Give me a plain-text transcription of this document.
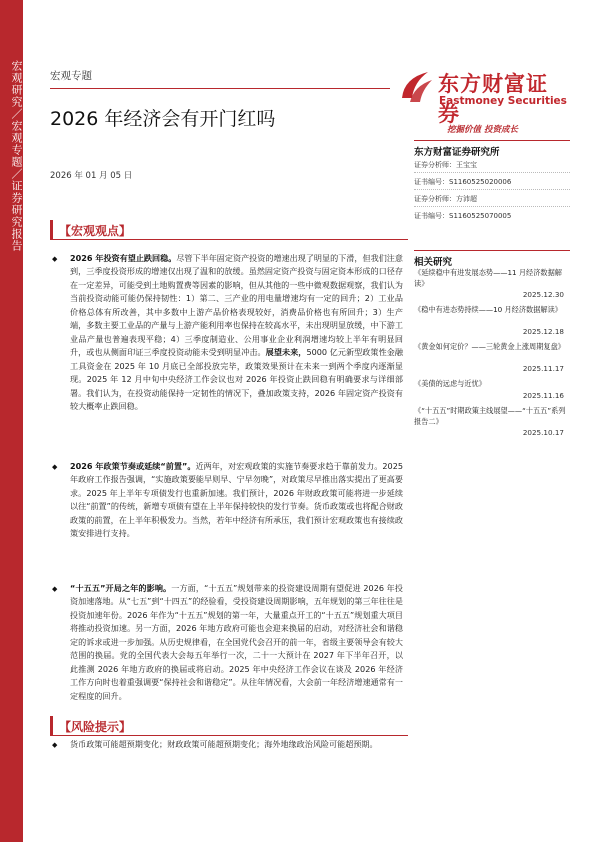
宏观研究／宏观专题／证券研究报告	宏观专题
2026 年经济会有开门红吗
2026 年 01 月 05 日
东方财富证券
Eastmoney Securities
挖掘价值 投资成长
东方财富证券研究所
证券分析师：王宝宝
证书编号：S1160525020006
证券分析师：方沛超
证书编号：S1160525070005
相关研究
《延续稳中有进发展态势——11 月经济数据解读》
2025.12.30
《稳中有进态势持续——10 月经济数据解读》
2025.12.18
《黄金如何定价？——三轮黄金上涨周期复盘》
2025.11.17
《美债的远虑与近忧》
2025.11.16
《“十五五”时期政策主线展望——“十五五”系列报告二》
2025.10.17
【宏观观点】
◆ 2026 年投资有望止跌回稳。尽管下半年固定资产投资的增速出现了明显的下滑，但我们注意到，三季度投资形成的增速仅出现了温和的放缓。虽然固定资产投资与固定资本形成的口径存在一定差异，可能受到土地购置费等因素的影响，但从其他的一些中微观数据观察，我们认为当前投资动能可能仍保持韧性：1）第二、三产业的用电量增速均有一定的回升；2）工业品价格总体有所改善，其中多数中上游产品价格表现较好，消费品价格也有所回升；3）生产端，多数主要工业品的产量与上游产能利用率也保持在较高水平，未出现明显放缓，中下游工业品产量也普遍表现平稳；4）三季度制造业、公用事业企业利润增速均较上半年有明显回升，或也从侧面印证三季度投资动能未受到明显冲击。展望未来，5000 亿元新型政策性金融工具资金在 2025 年 10 月底已全部投放完毕，政策效果预计在未来一到两个季度内逐渐显现。2025 年 12 月中旬中央经济工作会议也对 2026 年投资止跌回稳有明确要求与详细部署。我们认为，在投资动能保持一定韧性的情况下，叠加政策支持，2026 年固定资产投资有较大概率止跌回稳。
◆ 2026 年政策节奏或延续“前置”。近两年，对宏观政策的实施节奏要求趋于靠前发力。2025 年政府工作报告强调，“实施政策要能早则早、宁早勿晚”，对政策尽早推出落实提出了更高要求。2025 年上半年专项债发行也重新加速。我们预计，2026 年财政政策可能将进一步延续以往“前置”的传统，新增专项债有望在上半年保持较快的发行节奏。货币政策或也将配合财政政策的前置，在上半年积极发力。当然，若年中经济有所承压，我们预计宏观政策也有接续政策安排进行支持。
◆ “十五五”开局之年的影响。一方面，“十五五”规划带来的投资建设周期有望促进 2026 年投资加速落地。从“七五”到“十四五”的经验看，受投资建设周期影响，五年规划的第三年往往是投资加速年份。2026 年作为“十五五”规划的第一年，大量重点开工的“十五五”规划重大项目将推动投资加速。另一方面，2026 年地方政府可能也会迎来换届的启动，对经济社会和谐稳定的诉求或进一步加强。从历史规律看，在全国党代会召开的前一年，省级主要领导会有较大范围的换届。党的全国代表大会每五年举行一次，二十一大预计在 2027 年下半年召开，以此推测 2026 年地方政府的换届或将启动。2025 年中央经济工作会议在谈及 2026 年经济工作方向时也着重强调要“保持社会和谐稳定”。从往年情况看，大会前一年经济增速通常有一定程度的回升。
【风险提示】
◆ 货币政策可能超预期变化；财政政策可能超预期变化；海外地缘政治风险可能超预期。
